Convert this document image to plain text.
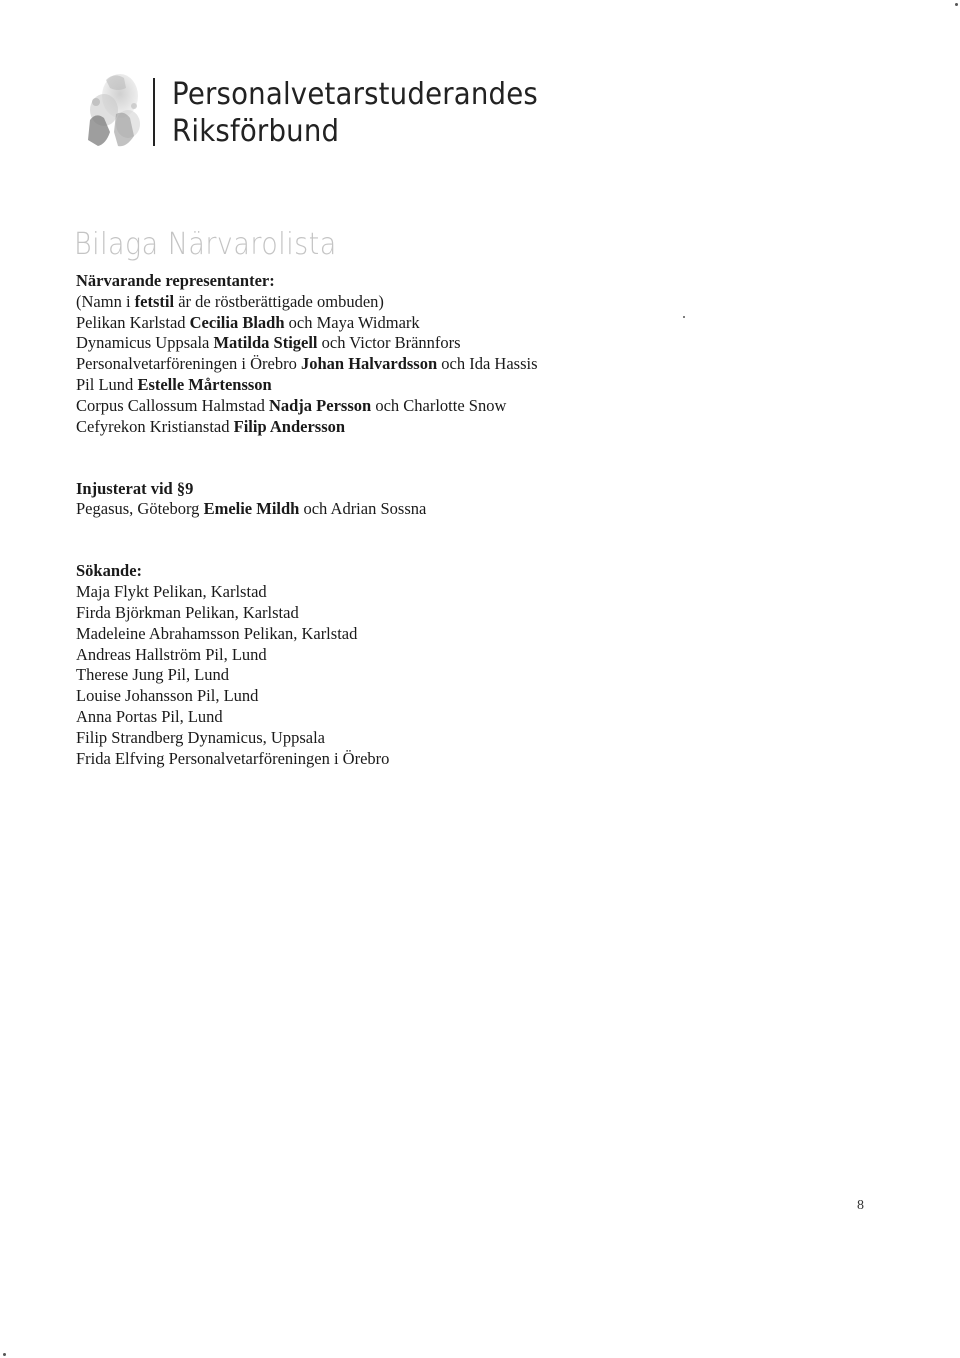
Personalvetarstuderandes
Riksförbund
Bilaga Närvarolista
Närvarande representanter:
(Namn i fetstil är de röstberättigade ombuden)
Pelikan Karlstad Cecilia Bladh och Maya Widmark
Dynamicus Uppsala Matilda Stigell och Victor Brännfors
Personalvetarföreningen i Örebro Johan Halvardsson och Ida Hassis
Pil Lund Estelle Mårtensson
Corpus Callossum Halmstad Nadja Persson och Charlotte Snow
Cefyrekon Kristianstad Filip Andersson
Injusterat vid §9
Pegasus, Göteborg Emelie Mildh och Adrian Sossna
Sökande:
Maja Flykt Pelikan, Karlstad
Firda Björkman Pelikan, Karlstad
Madeleine Abrahamsson Pelikan, Karlstad
Andreas Hallström Pil, Lund
Therese Jung Pil, Lund
Louise Johansson Pil, Lund
Anna Portas Pil, Lund
Filip Strandberg Dynamicus, Uppsala
Frida Elfving Personalvetarföreningen i Örebro
8
